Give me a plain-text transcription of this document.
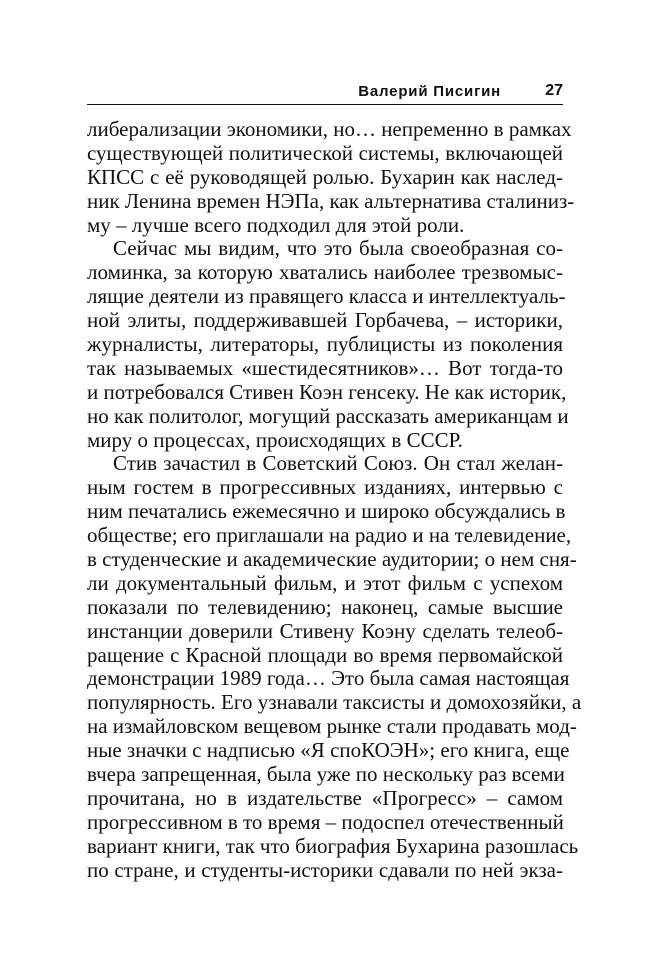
Валерий Писигин	27
либерализации экономики, но… непременно в рамках
существующей политической системы, включающей
КПСС с её руководящей ролью. Бухарин как наслед-
ник Ленина времен НЭПа, как альтернатива сталиниз-
му – лучше всего подходил для этой роли.
Сейчас мы видим, что это была своеобразная со-
ломинка, за которую хватались наиболее трезвомыс-
лящие деятели из правящего класса и интеллектуаль-
ной элиты, поддерживавшей Горбачева, – историки,
журналисты, литераторы, публицисты из поколения
так называемых «шестидесятников»… Вот тогда-то
и потребовался Стивен Коэн генсеку. Не как историк,
но как политолог, могущий рассказать американцам и
миру о процессах, происходящих в СССР.
Стив зачастил в Советский Союз. Он стал желан-
ным гостем в прогрессивных изданиях, интервью с
ним печатались ежемесячно и широко обсуждались в
обществе; его приглашали на радио и на телевидение,
в студенческие и академические аудитории; о нем сня-
ли документальный фильм, и этот фильм с успехом
показали по телевидению; наконец, самые высшие
инстанции доверили Стивену Коэну сделать телеоб-
ращение с Красной площади во время первомайской
демонстрации 1989 года… Это была самая настоящая
популярность. Его узнавали таксисты и домохозяйки, а
на измайловском вещевом рынке стали продавать мод-
ные значки с надписью «Я споКОЭН»; его книга, еще
вчера запрещенная, была уже по нескольку раз всеми
прочитана, но в издательстве «Прогресс» – самом
прогрессивном в то время – подоспел отечественный
вариант книги, так что биография Бухарина разошлась
по стране, и студенты-историки сдавали по ней экза-
